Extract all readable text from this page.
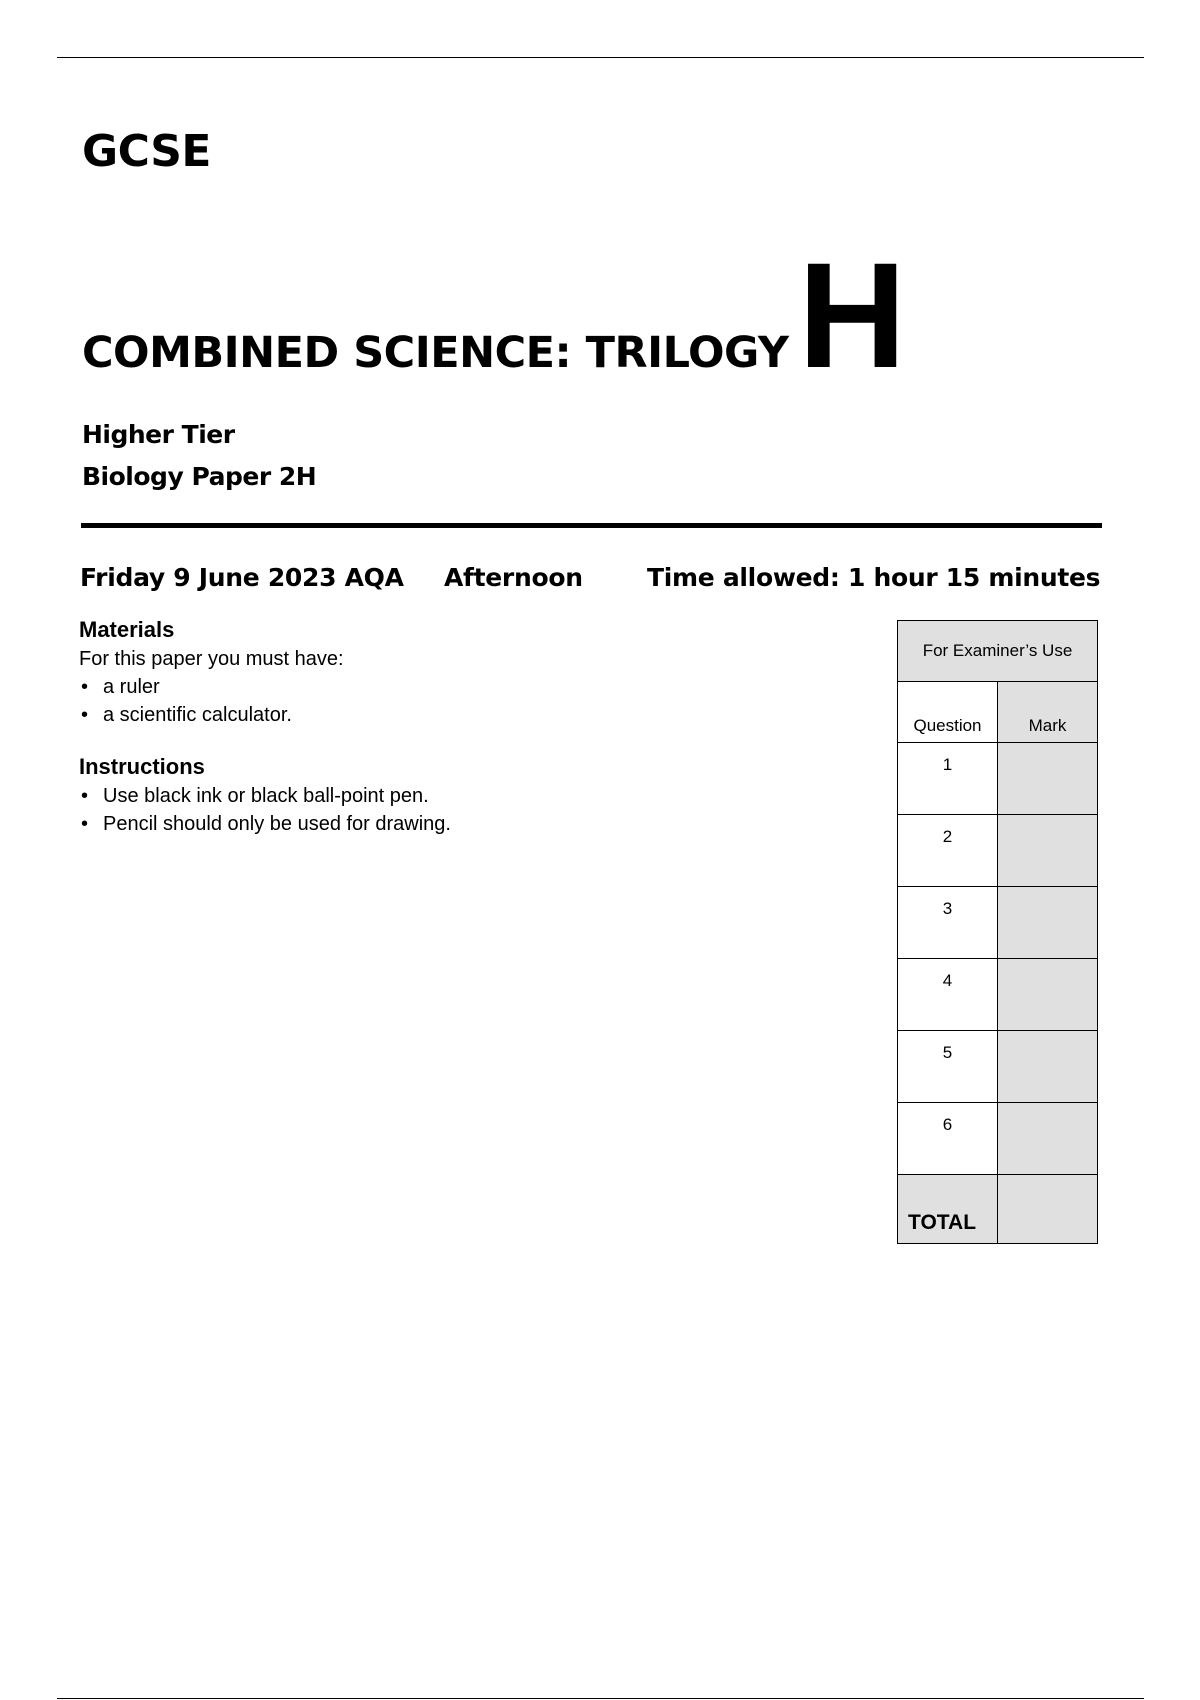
GCSE
COMBINED SCIENCE: TRILOGY H
Higher Tier
Biology Paper 2H
Friday 9 June 2023 AQA Afternoon	Time allowed: 1 hour 15 minutes
Materials
For this paper you must have:
• a ruler
• a scientific calculator.
Instructions
• Use black ink or black ball-point pen.
• Pencil should only be used for drawing.
For Examiner’s Use	
Question	Mark
1	
2	
3	
4	
5	
6	
TOTAL	
